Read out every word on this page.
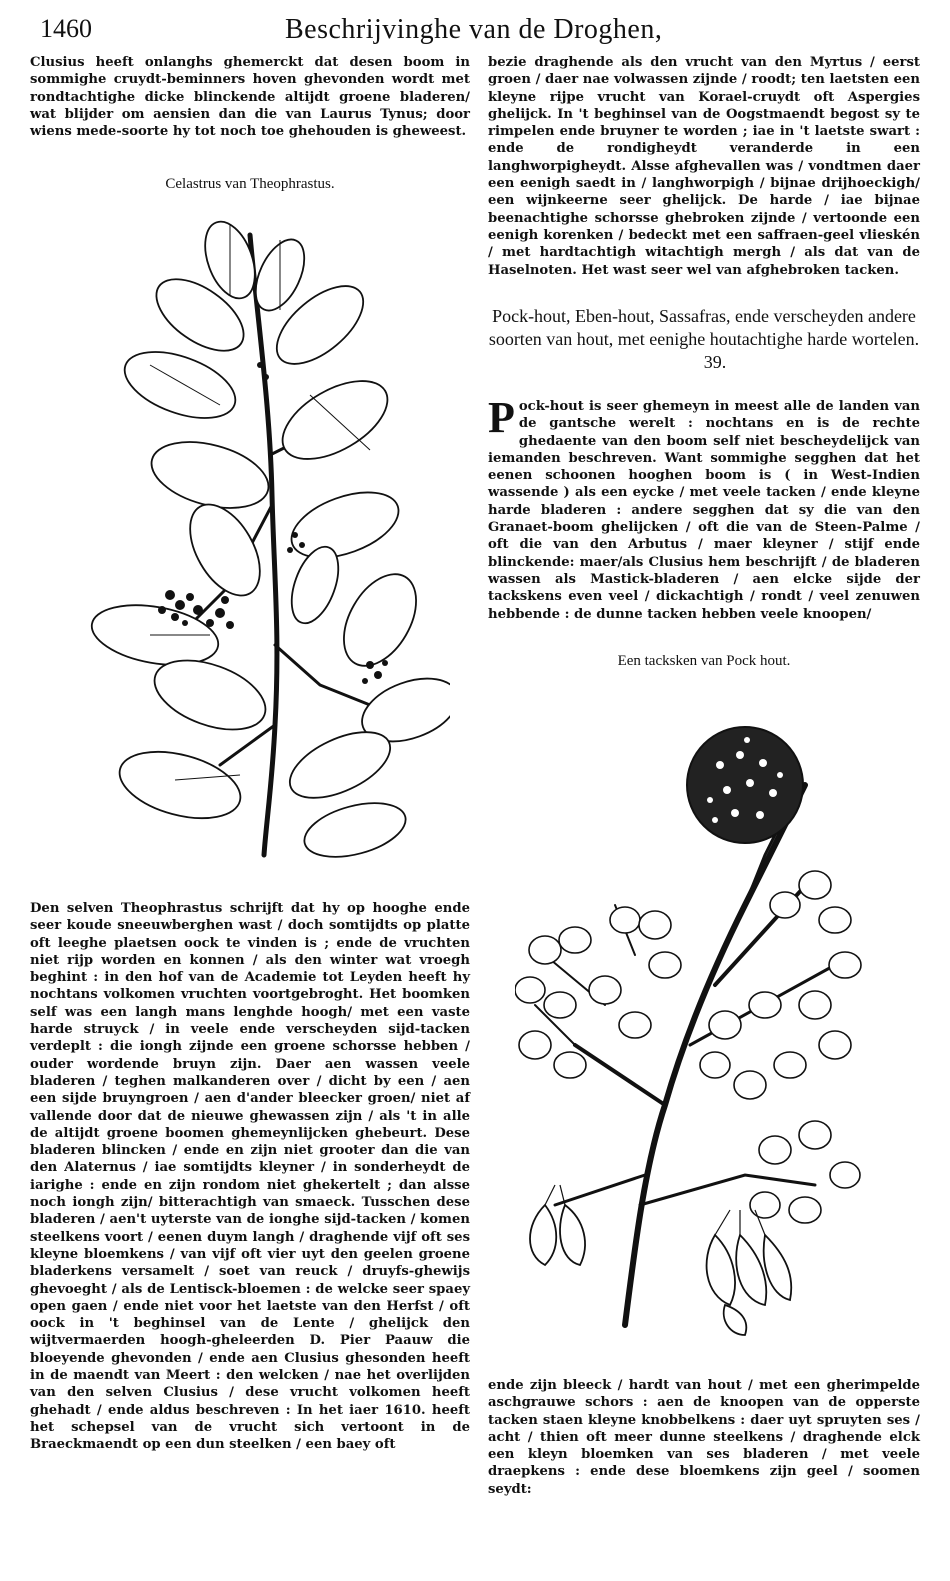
1460	Beschrijvinghe van de Droghen,

Clusius heeft onlanghs ghemerckt dat desen boom in sommighe cruydt-beminners hoven ghevonden wordt met rondtachtighe dicke blinckende altijdt groene bladeren/ wat blijder om aensien dan die van Laurus Tynus; door wiens mede-soorte hy tot noch toe ghehouden is gheweest.

Celastrus van Theophrastus.

Den selven Theophrastus schrijft dat hy op hooghe ende seer koude sneeuwberghen wast / doch somtijdts op platte oft leeghe plaetsen oock te vinden is ; ende de vruchten niet rijp worden en konnen / als den winter wat vroegh beghint : in den hof van de Academie tot Leyden heeft hy nochtans volkomen vruchten voortgebroght. Het boomken self was een langh mans lenghde hoogh/ met een vaste harde struyck / in veele ende verscheyden sijd-tacken verdeplt : die iongh zijnde een groene schorsse hebben / ouder wordende bruyn zijn. Daer aen wassen veele bladeren / teghen malkanderen over / dicht by een / aen een sijde bruyngroen / aen d'ander bleecker groen/ niet af vallende door dat de nieuwe ghewassen zijn / als 't in alle de altijdt groene boomen ghemeynlijcken ghebeurt. Dese bladeren blincken / ende en zijn niet grooter dan die van den Alaternus / iae somtijdts kleyner / in sonderheydt de iarighe : ende en zijn rondom niet ghekertelt ; dan alsse noch iongh zijn/ bitterachtigh van smaeck. Tusschen dese bladeren / aen't uyterste van de ionghe sijd-tacken / komen steelkens voort / eenen duym langh / draghende vijf oft ses kleyne bloemkens / van vijf oft vier uyt den geelen groene bladerkens versamelt / soet van reuck / druyfs-ghewijs ghevoeght / als de Lentisck-bloemen : de welcke seer spaey open gaen / ende niet voor het laetste van den Herfst / oft oock in 't beghinsel van de Lente / ghelijck den wijtvermaerden hoogh-gheleerden D. Pier Paauw die bloeyende ghevonden / ende aen Clusius ghesonden heeft in de maendt van Meert : den welcken / nae het overlijden van den selven Clusius / dese vrucht volkomen heeft ghehadt / ende aldus beschreven : In het iaer 1610. heeft het schepsel van de vrucht sich vertoont in de Braeckmaendt op een dun steelken / een baey oft

bezie draghende als den vrucht van den Myrtus / eerst groen / daer nae volwassen zijnde / roodt; ten laetsten een kleyne rijpe vrucht van Korael-cruydt oft Aspergies ghelijck. In 't beghinsel van de Oogstmaendt begost sy te rimpelen ende bruyner te worden ; iae in 't laetste swart : ende de rondigheydt veranderde in een langhworpigheydt. Alsse afghevallen was / vondtmen daer een eenigh saedt in / langhworpigh / bijnae drijhoeckigh/ een wijnkeerne seer ghelijck. De harde / iae bijnae beenachtighe schorsse ghebroken zijnde / vertoonde een eenigh korenken / bedeckt met een saffraen-geel vlieskén / met hardtachtigh witachtigh mergh / als dat van de Haselnoten. Het wast seer wel van afghebroken tacken.

Pock-hout, Eben-hout, Sassafras, ende verscheyden andere soorten van hout, met eenighe houtachtighe harde wortelen.39.

Pock-hout is seer ghemeyn in meest alle de landen van de gantsche werelt : nochtans en is de rechte ghedaente van den boom self niet bescheydelijck van iemanden beschreven. Want sommighe segghen dat het eenen schoonen hooghen boom is ( in West-Indien wassende ) als een eycke / met veele tacken / ende kleyne harde bladeren : andere segghen dat sy die van den Granaet-boom ghelijcken / oft die van de Steen-Palme / oft die van den Arbutus / maer kleyner / stijf ende blinckende: maer/als Clusius hem beschrijft / de bladeren wassen als Mastick-bladeren / aen elcke sijde der tackskens even veel / dickachtigh / rondt / veel zenuwen hebbende : de dunne tacken hebben veele knoopen/

Een tacksken van Pock hout.

ende zijn bleeck / hardt van hout / met een gherimpelde aschgrauwe schors : aen de knoopen van de opperste tacken staen kleyne knobbelkens : daer uyt spruyten ses / acht / thien oft meer dunne steelkens / draghende elck een kleyn bloemken van ses bladeren / met veele draepkens : ende dese bloemkens zijn geel / soomen seydt:
